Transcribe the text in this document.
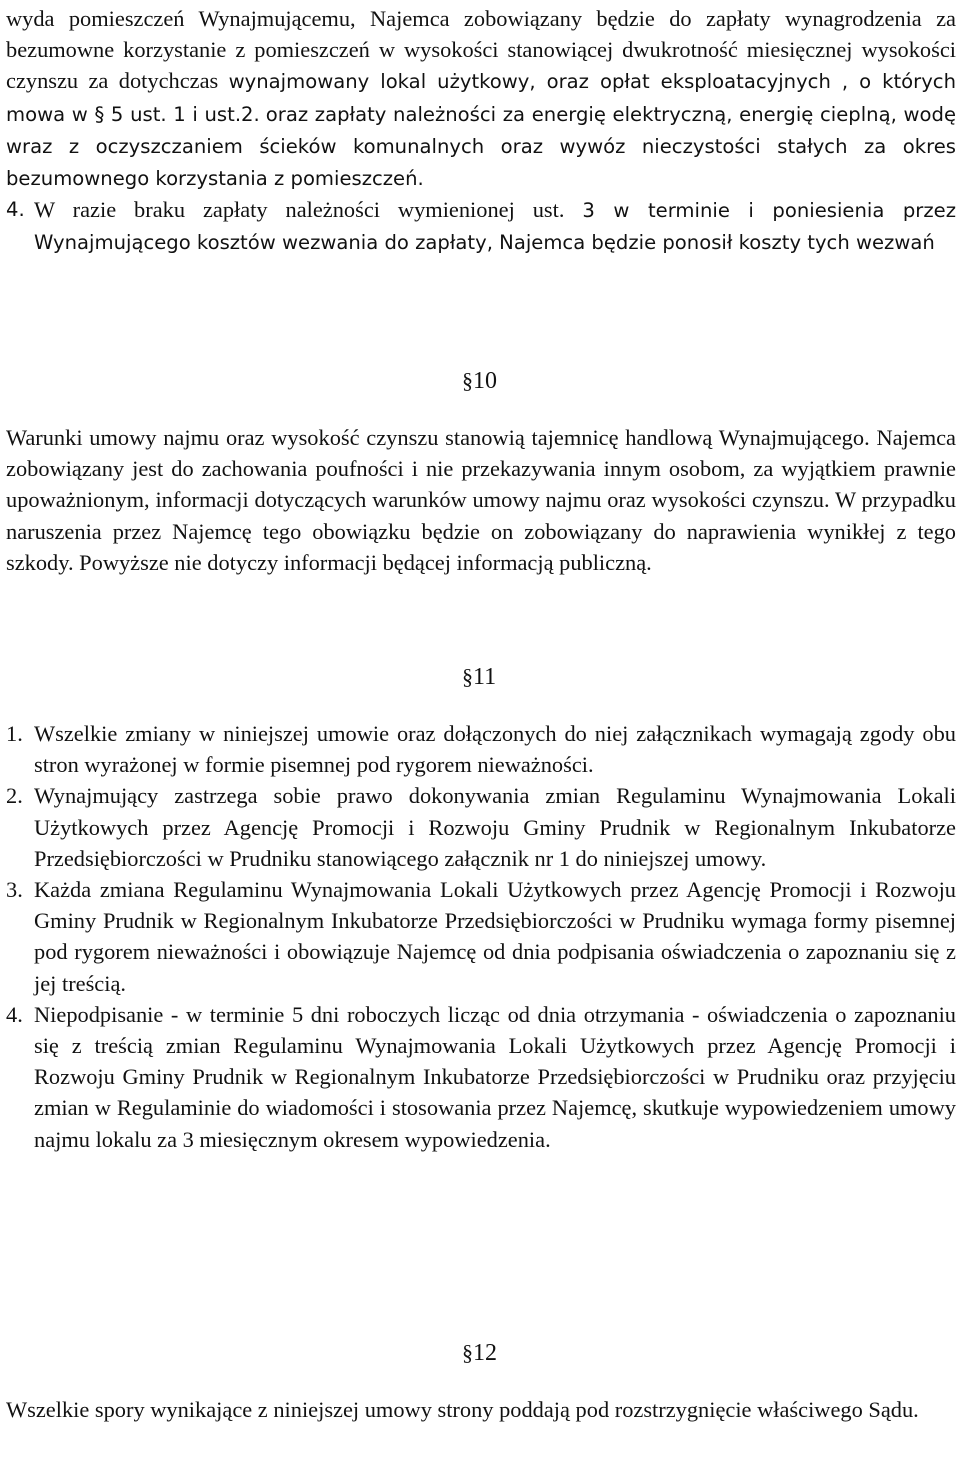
wyda pomieszczeń Wynajmującemu, Najemca zobowiązany będzie do zapłaty wynagrodzenia za bezumowne korzystanie z pomieszczeń w wysokości stanowiącej dwukrotność miesięcznej wysokości czynszu za dotychczas wynajmowany lokal użytkowy, oraz opłat eksploatacyjnych , o których mowa w § 5 ust. 1 i ust.2. oraz zapłaty należności za energię elektryczną, energię cieplną, wodę wraz z oczyszczaniem ścieków komunalnych oraz wywóz nieczystości stałych za okres bezumownego korzystania z pomieszczeń.

4. W razie braku zapłaty należności wymienionej ust. 3 w terminie i poniesienia przez Wynajmującego kosztów wezwania do zapłaty, Najemca będzie ponosił koszty tych wezwań

§10

Warunki umowy najmu oraz wysokość czynszu stanowią tajemnicę handlową Wynajmującego. Najemca zobowiązany jest do zachowania poufności i nie przekazywania innym osobom, za wyjątkiem prawnie upoważnionym, informacji dotyczących warunków umowy najmu oraz wysokości czynszu. W przypadku naruszenia przez Najemcę tego obowiązku będzie on zobowiązany do naprawienia wynikłej z tego szkody. Powyższe nie dotyczy informacji będącej informacją publiczną.

§11
1. Wszelkie zmiany w niniejszej umowie oraz dołączonych do niej załącznikach wymagają zgody obu stron wyrażonej w formie pisemnej pod rygorem nieważności.

2. Wynajmujący zastrzega sobie prawo dokonywania zmian Regulaminu Wynajmowania Lokali Użytkowych przez Agencję Promocji i Rozwoju Gminy Prudnik w Regionalnym Inkubatorze Przedsiębiorczości w Prudniku stanowiącego załącznik nr 1 do niniejszej umowy.

3. Każda zmiana Regulaminu Wynajmowania Lokali Użytkowych przez Agencję Promocji i Rozwoju Gminy Prudnik w Regionalnym Inkubatorze Przedsiębiorczości w Prudniku wymaga formy pisemnej pod rygorem nieważności i obowiązuje Najemcę od dnia podpisania oświadczenia o zapoznaniu się z jej treścią.

4. Niepodpisanie - w terminie 5 dni roboczych licząc od dnia otrzymania - oświadczenia o zapoznaniu się z treścią zmian Regulaminu Wynajmowania Lokali Użytkowych przez Agencję Promocji i Rozwoju Gminy Prudnik w Regionalnym Inkubatorze Przedsiębiorczości w Prudniku oraz przyjęciu zmian w Regulaminie do wiadomości i stosowania przez Najemcę, skutkuje wypowiedzeniem umowy najmu lokalu za 3 miesięcznym okresem wypowiedzenia.

§12

Wszelkie spory wynikające z niniejszej umowy strony poddają pod rozstrzygnięcie właściwego Sądu.
